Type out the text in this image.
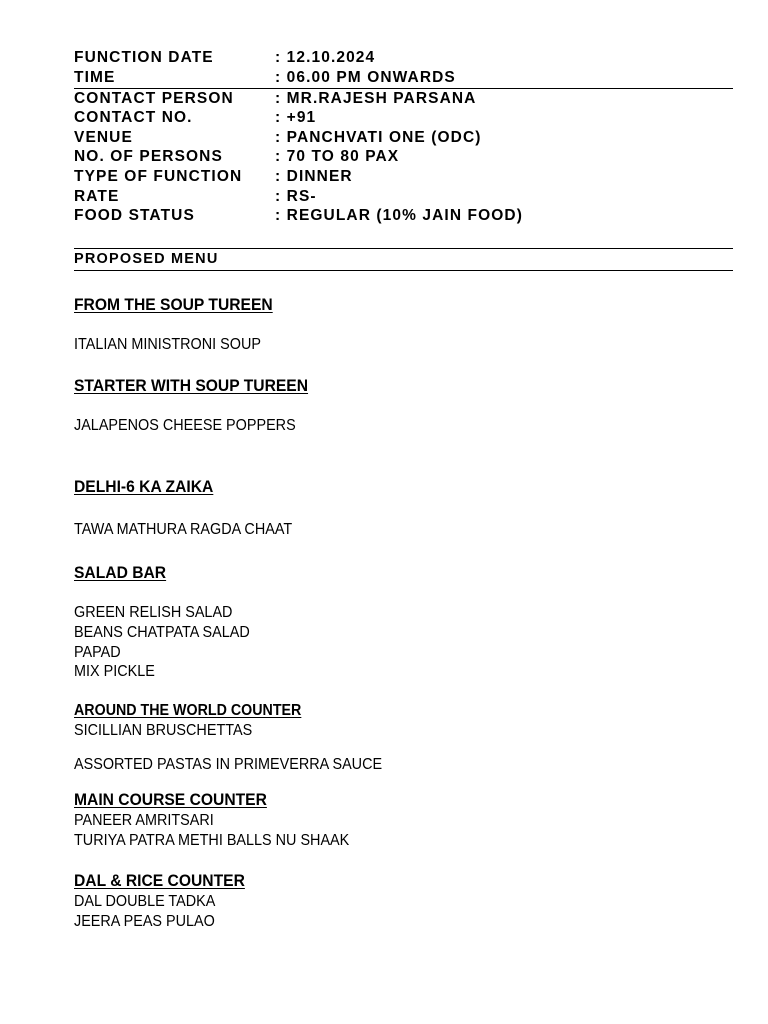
FUNCTION DATE	: 12.10.2024
TIME	: 06.00 PM ONWARDS
CONTACT PERSON	: MR.RAJESH PARSANA
CONTACT NO.	: +91
VENUE	: PANCHVATI ONE (ODC)
NO. OF PERSONS	: 70 TO 80 PAX
TYPE OF FUNCTION : DINNER
RATE	: RS-
FOOD STATUS	: REGULAR (10% JAIN FOOD)
PROPOSED MENU
FROM THE SOUP TUREEN
ITALIAN MINISTRONI SOUP
STARTER WITH SOUP TUREEN
JALAPENOS CHEESE POPPERS
DELHI-6 KA ZAIKA
TAWA MATHURA RAGDA CHAAT
SALAD BAR
GREEN RELISH SALAD
BEANS CHATPATA SALAD
PAPAD
MIX PICKLE
AROUND THE WORLD COUNTER
SICILLIAN BRUSCHETTAS
ASSORTED PASTAS IN PRIMEVERRA SAUCE
MAIN COURSE COUNTER
PANEER AMRITSARI
TURIYA PATRA METHI BALLS NU SHAAK
DAL & RICE COUNTER
DAL DOUBLE TADKA
JEERA PEAS PULAO
